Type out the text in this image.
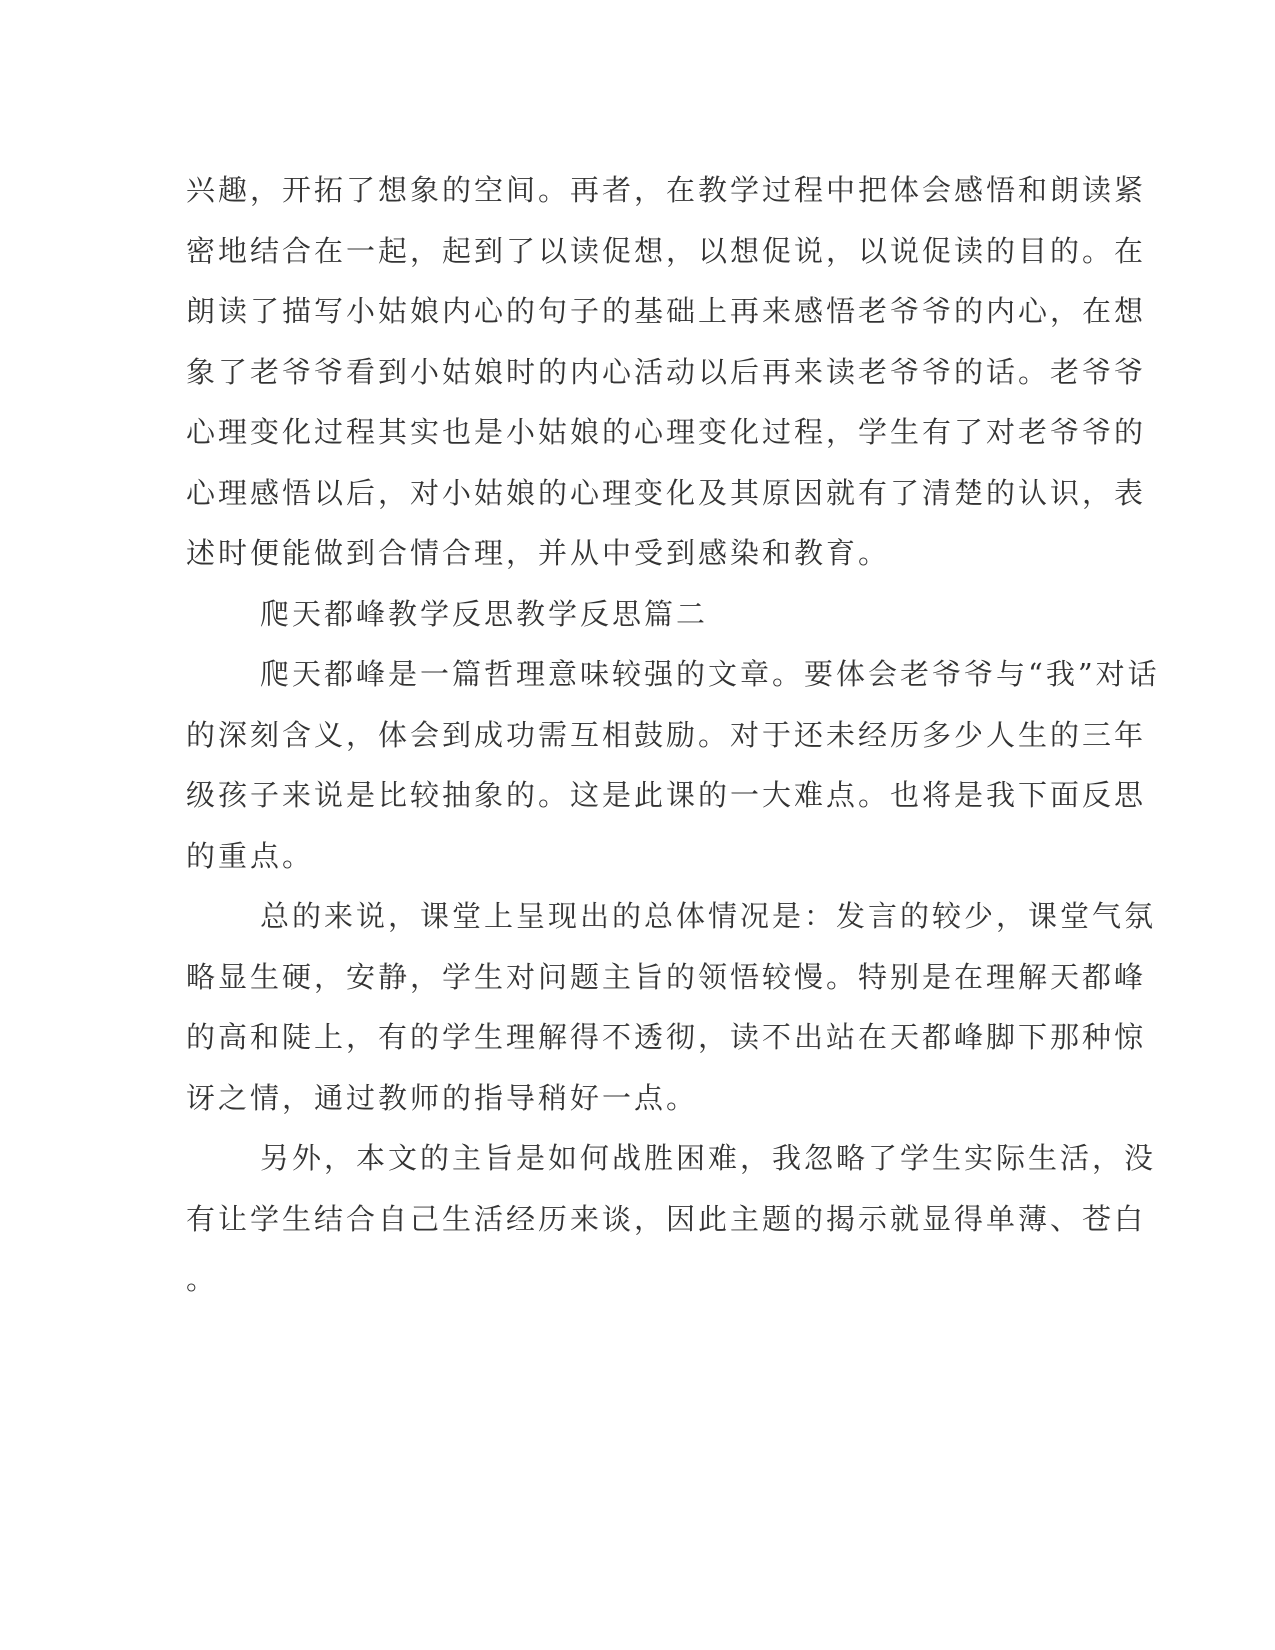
兴趣，开拓了想象的空间。再者，在教学过程中把体会感悟和朗读紧
密地结合在一起，起到了以读促想，以想促说，以说促读的目的。在
朗读了描写小姑娘内心的句子的基础上再来感悟老爷爷的内心，在想
象了老爷爷看到小姑娘时的内心活动以后再来读老爷爷的话。老爷爷
心理变化过程其实也是小姑娘的心理变化过程，学生有了对老爷爷的
心理感悟以后，对小姑娘的心理变化及其原因就有了清楚的认识，表
述时便能做到合情合理，并从中受到感染和教育。
爬天都峰教学反思教学反思篇二
爬天都峰是一篇哲理意味较强的文章。要体会老爷爷与“我”对话
的深刻含义，体会到成功需互相鼓励。对于还未经历多少人生的三年
级孩子来说是比较抽象的。这是此课的一大难点。也将是我下面反思
的重点。
总的来说，课堂上呈现出的总体情况是：发言的较少，课堂气氛
略显生硬，安静，学生对问题主旨的领悟较慢。特别是在理解天都峰
的高和陡上，有的学生理解得不透彻，读不出站在天都峰脚下那种惊
讶之情，通过教师的指导稍好一点。
另外，本文的主旨是如何战胜困难，我忽略了学生实际生活，没
有让学生结合自己生活经历来谈，因此主题的揭示就显得单薄、苍白
。
